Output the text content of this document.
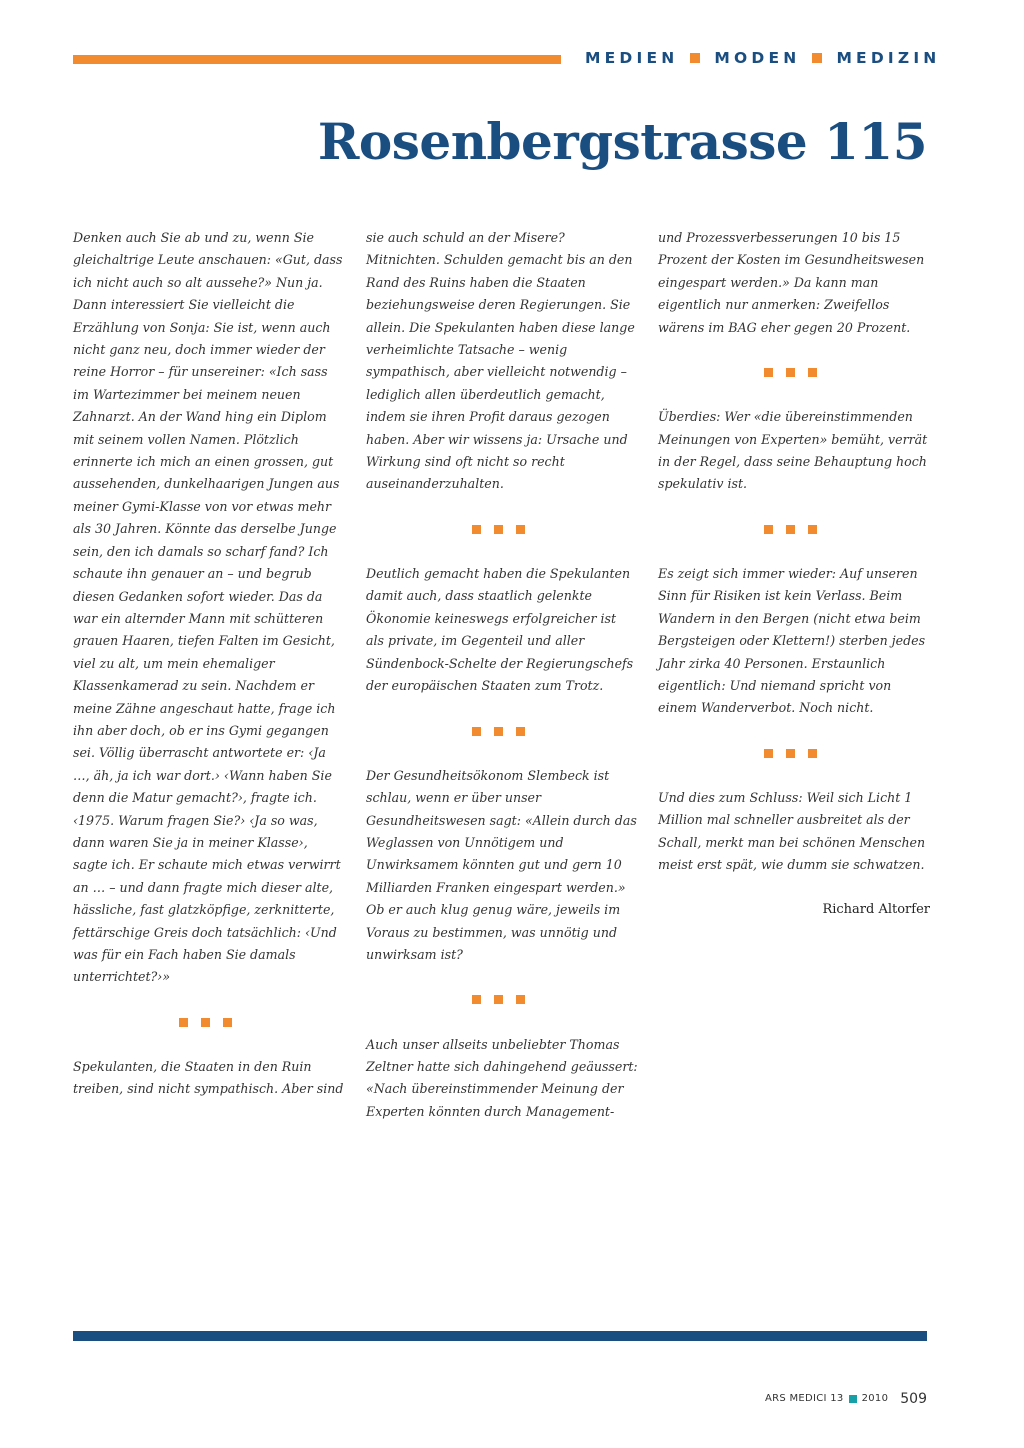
MEDIEN MODEN MEDIZIN
Rosenbergstrasse 115

Denken auch Sie ab und zu, wenn Sie gleichaltrige Leute anschauen: «Gut, dass ich nicht auch so alt aussehe?» Nun ja. Dann interessiert Sie vielleicht die Erzählung von Sonja: Sie ist, wenn auch nicht ganz neu, doch immer wieder der reine Horror – für unsereiner: «Ich sass im Wartezimmer bei meinem neuen Zahnarzt. An der Wand hing ein Diplom mit seinem vollen Namen. Plötzlich erinnerte ich mich an einen grossen, gut aussehenden, dunkelhaarigen Jungen aus meiner Gymi-Klasse von vor etwas mehr als 30 Jahren. Könnte das derselbe Junge sein, den ich damals so scharf fand? Ich schaute ihn genauer an – und begrub diesen Gedanken sofort wieder. Das da war ein alternder Mann mit schütteren grauen Haaren, tiefen Falten im Gesicht, viel zu alt, um mein ehemaliger Klassenkamerad zu sein. Nachdem er meine Zähne angeschaut hatte, frage ich ihn aber doch, ob er ins Gymi gegangen sei. Völlig überrascht antwortete er: ‹Ja …, äh, ja ich war dort.› ‹Wann haben Sie denn die Matur gemacht?›, fragte ich. ‹1975. Warum fragen Sie?› ‹Ja so was, dann waren Sie ja in meiner Klasse›, sagte ich. Er schaute mich etwas verwirrt an … – und dann fragte mich dieser alte, hässliche, fast glatzköpfige, zerknitterte, fettärschige Greis doch tatsächlich: ‹Und was für ein Fach haben Sie damals unterrichtet?›»

Spekulanten, die Staaten in den Ruin treiben, sind nicht sympathisch. Aber sind

sie auch schuld an der Misere? Mitnichten. Schulden gemacht bis an den Rand des Ruins haben die Staaten beziehungsweise deren Regierungen. Sie allein. Die Spekulanten haben diese lange verheimlichte Tatsache – wenig sympathisch, aber vielleicht notwendig – lediglich allen überdeutlich gemacht, indem sie ihren Profit daraus gezogen haben. Aber wir wissens ja: Ursache und Wirkung sind oft nicht so recht auseinanderzuhalten.

Deutlich gemacht haben die Spekulanten damit auch, dass staatlich gelenkte Ökonomie keineswegs erfolgreicher ist als private, im Gegenteil und aller Sündenbock-Schelte der Regierungschefs der europäischen Staaten zum Trotz.

Der Gesundheitsökonom Slembeck ist schlau, wenn er über unser Gesundheitswesen sagt: «Allein durch das Weglassen von Unnötigem und Unwirksamem könnten gut und gern 10 Milliarden Franken eingespart werden.» Ob er auch klug genug wäre, jeweils im Voraus zu bestimmen, was unnötig und unwirksam ist?

Auch unser allseits unbeliebter Thomas Zeltner hatte sich dahingehend geäussert: «Nach übereinstimmender Meinung der Experten könnten durch Management-

und Prozessverbesserungen 10 bis 15 Prozent der Kosten im Gesundheitswesen eingespart werden.» Da kann man eigentlich nur anmerken: Zweifellos wärens im BAG eher gegen 20 Prozent.

Überdies: Wer «die übereinstimmenden Meinungen von Experten» bemüht, verrät in der Regel, dass seine Behauptung hoch spekulativ ist.

Es zeigt sich immer wieder: Auf unseren Sinn für Risiken ist kein Verlass. Beim Wandern in den Bergen (nicht etwa beim Bergsteigen oder Klettern!) sterben jedes Jahr zirka 40 Personen. Erstaunlich eigentlich: Und niemand spricht von einem Wanderverbot. Noch nicht.

Und dies zum Schluss: Weil sich Licht 1 Million mal schneller ausbreitet als der Schall, merkt man bei schönen Menschen meist erst spät, wie dumm sie schwatzen.

Richard Altorfer
ARS MEDICI 13 2010 509
